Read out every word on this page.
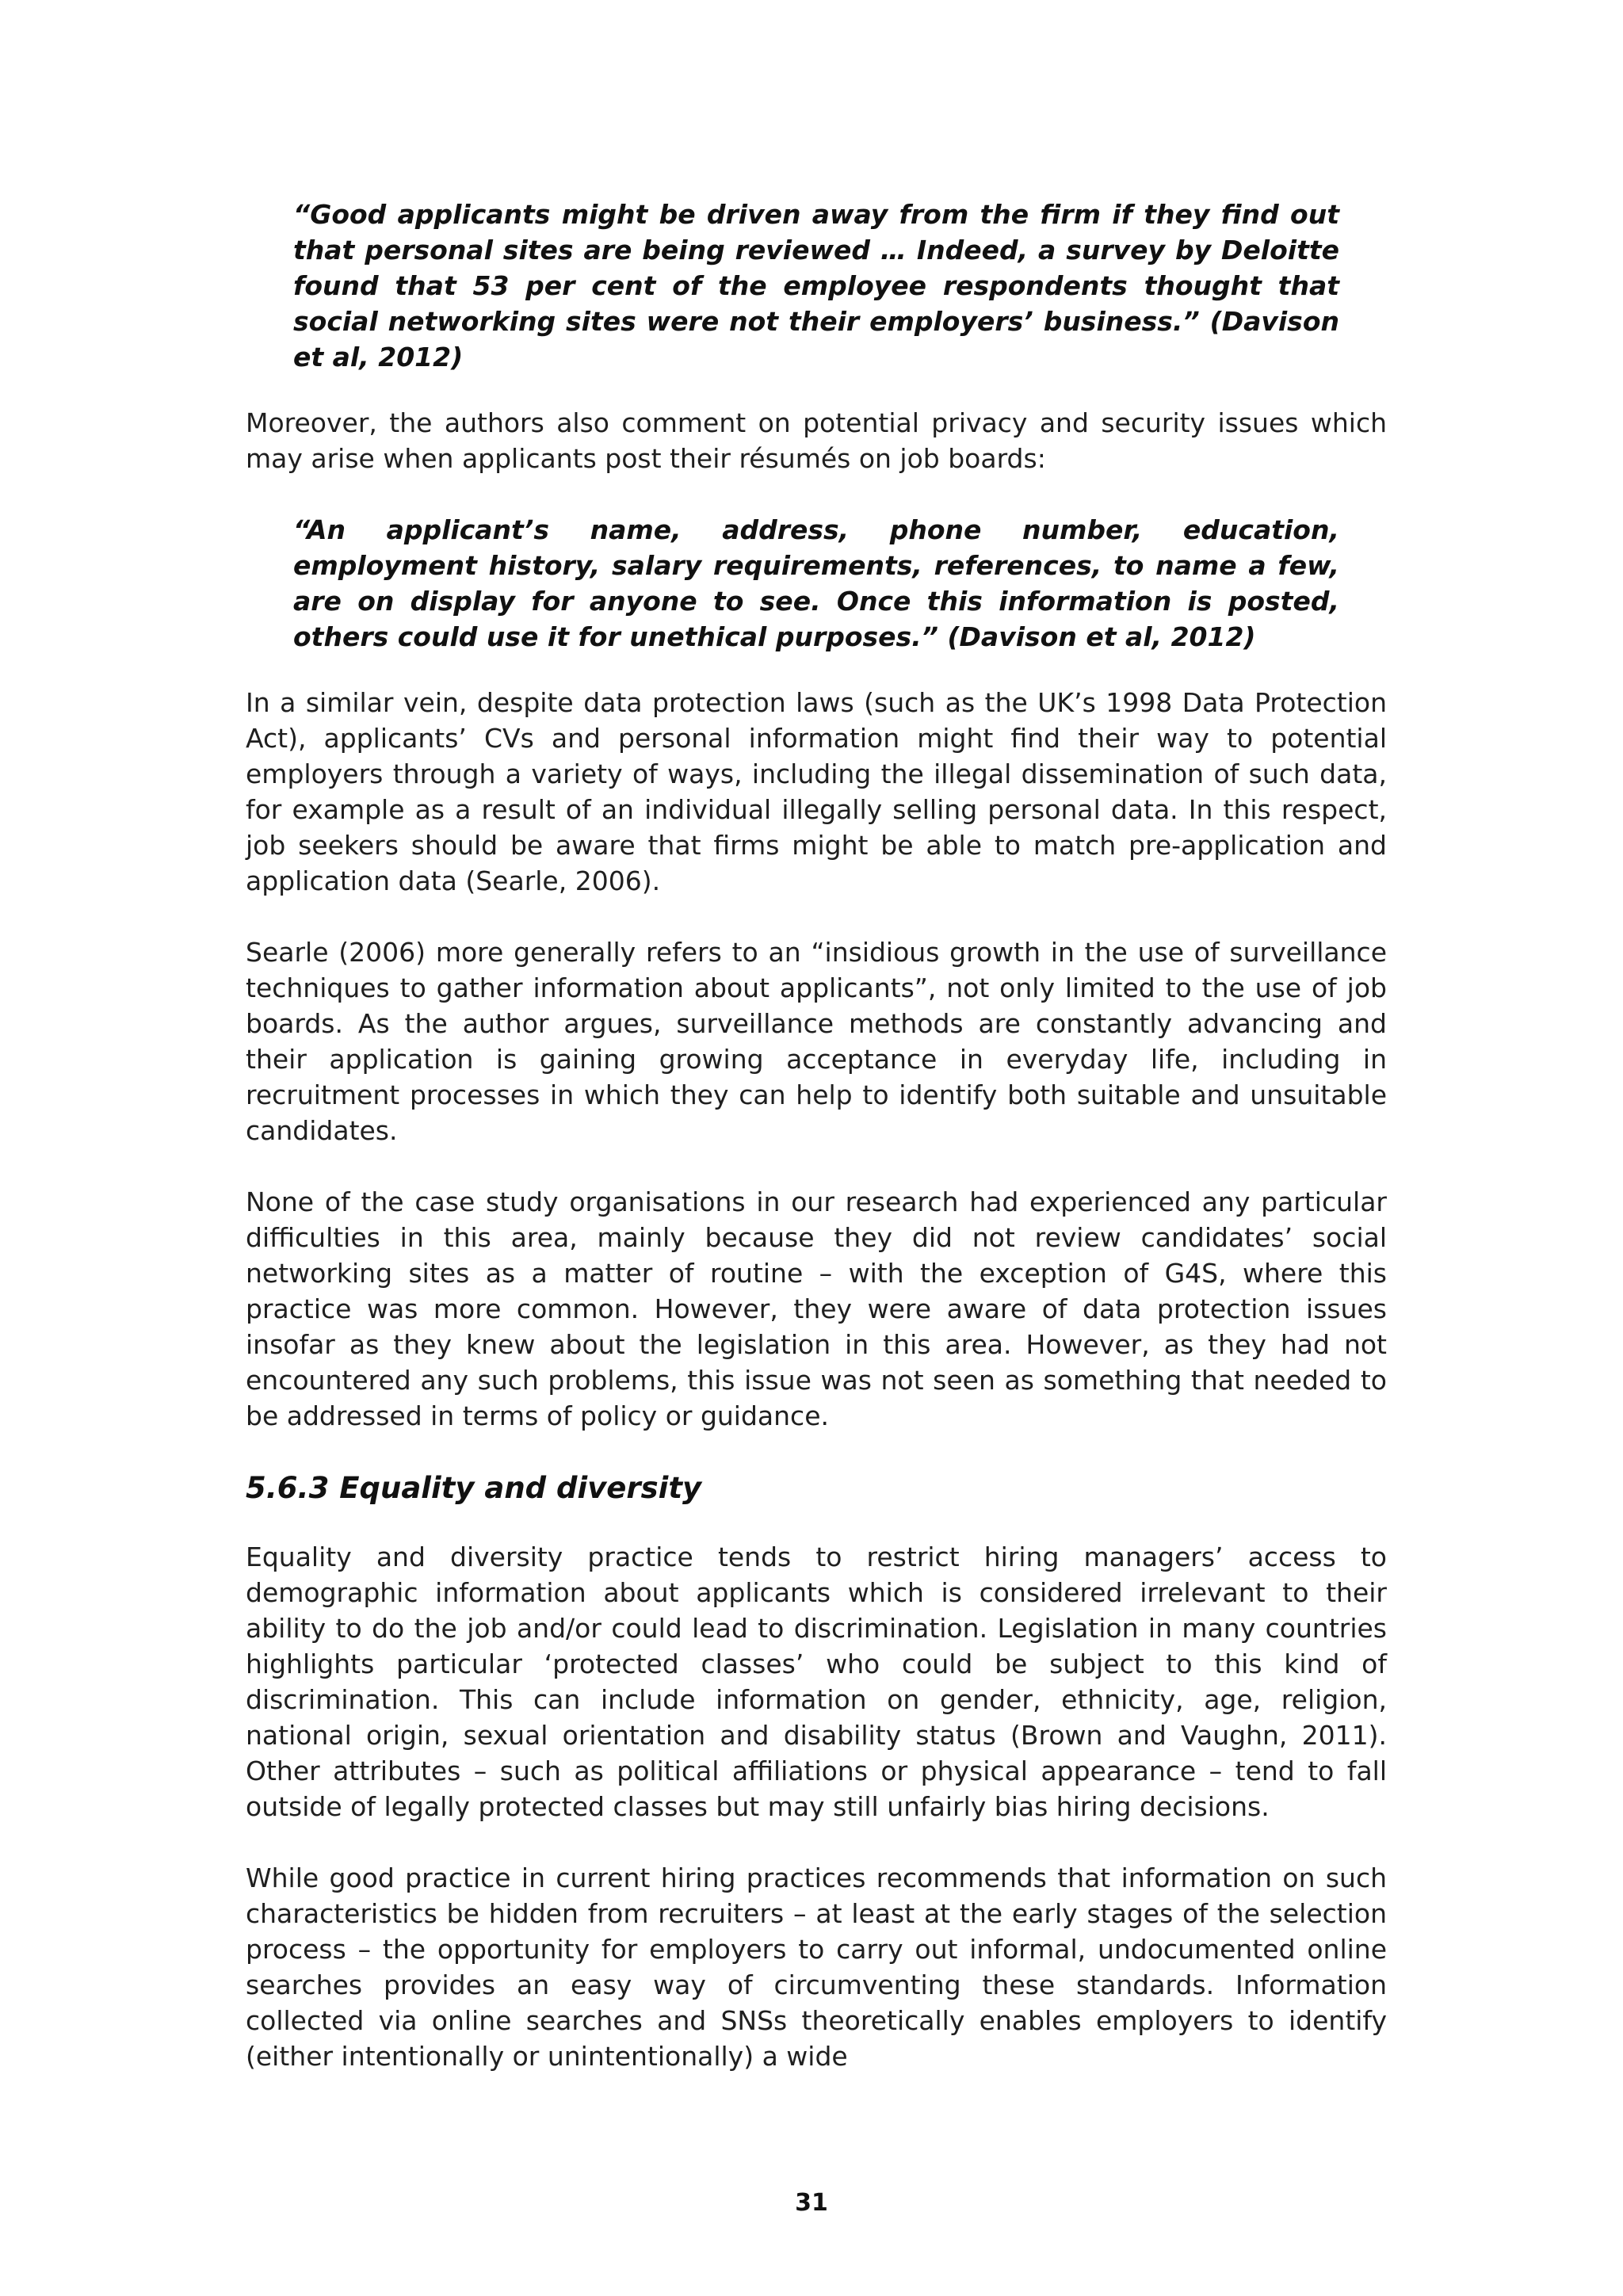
“Good applicants might be driven away from the firm if they find out that personal sites are being reviewed … Indeed, a survey by Deloitte found that 53 per cent of the employee respondents thought that social networking sites were not their employers’ business.” (Davison et al, 2012)

Moreover, the authors also comment on potential privacy and security issues which may arise when applicants post their résumés on job boards:

“An applicant’s name, address, phone number, education, employment history, salary requirements, references, to name a few, are on display for anyone to see. Once this information is posted, others could use it for unethical purposes.” (Davison et al, 2012)

In a similar vein, despite data protection laws (such as the UK’s 1998 Data Protection Act), applicants’ CVs and personal information might find their way to potential employers through a variety of ways, including the illegal dissemination of such data, for example as a result of an individual illegally selling personal data. In this respect, job seekers should be aware that firms might be able to match pre-application and application data (Searle, 2006).

Searle (2006) more generally refers to an “insidious growth in the use of surveillance techniques to gather information about applicants”, not only limited to the use of job boards. As the author argues, surveillance methods are constantly advancing and their application is gaining growing acceptance in everyday life, including in recruitment processes in which they can help to identify both suitable and unsuitable candidates.

None of the case study organisations in our research had experienced any particular difficulties in this area, mainly because they did not review candidates’ social networking sites as a matter of routine – with the exception of G4S, where this practice was more common. However, they were aware of data protection issues insofar as they knew about the legislation in this area. However, as they had not encountered any such problems, this issue was not seen as something that needed to be addressed in terms of policy or guidance.

5.6.3 Equality and diversity

Equality and diversity practice tends to restrict hiring managers’ access to demographic information about applicants which is considered irrelevant to their ability to do the job and/or could lead to discrimination. Legislation in many countries highlights particular ‘protected classes’ who could be subject to this kind of discrimination. This can include information on gender, ethnicity, age, religion, national origin, sexual orientation and disability status (Brown and Vaughn, 2011). Other attributes – such as political affiliations or physical appearance – tend to fall outside of legally protected classes but may still unfairly bias hiring decisions.

While good practice in current hiring practices recommends that information on such characteristics be hidden from recruiters – at least at the early stages of the selection process – the opportunity for employers to carry out informal, undocumented online searches provides an easy way of circumventing these standards. Information collected via online searches and SNSs theoretically enables employers to identify (either intentionally or unintentionally) a wide

31
